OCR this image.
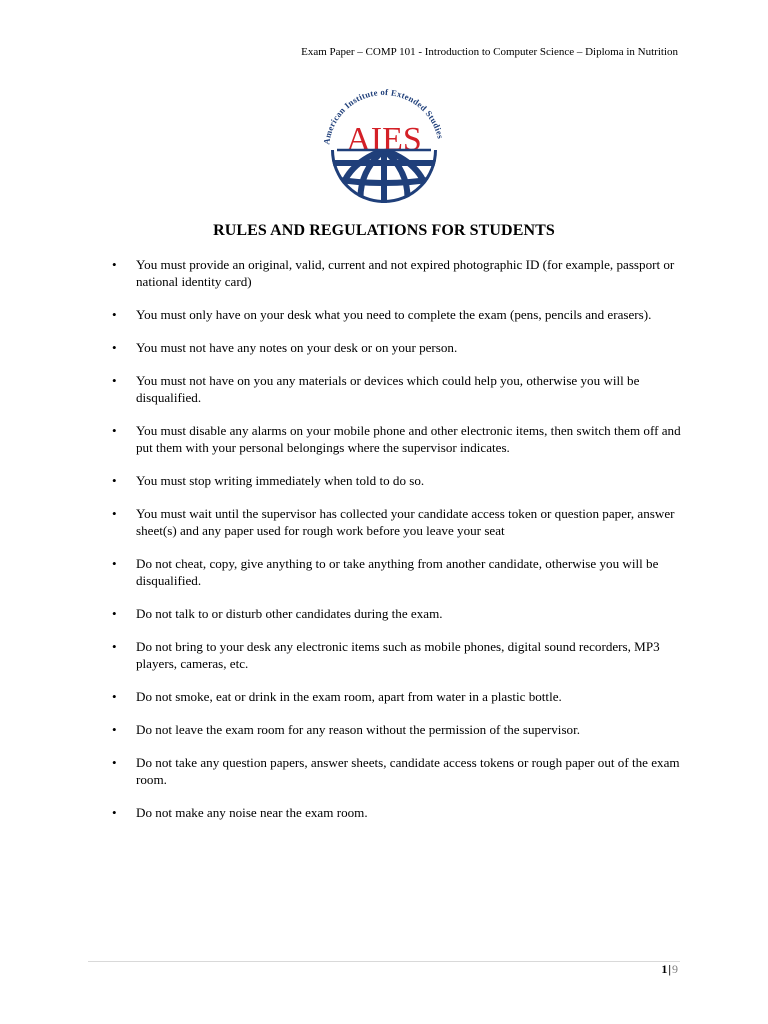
Exam Paper – COMP 101 - Introduction to Computer Science – Diploma in Nutrition
American Institute of Extended Studies
AIES
RULES AND REGULATIONS FOR STUDENTS
• You must provide an original, valid, current and not expired photographic ID (for example, passport or national identity card)
• You must only have on your desk what you need to complete the exam (pens, pencils and erasers).
• You must not have any notes on your desk or on your person.
• You must not have on you any materials or devices which could help you, otherwise you will be disqualified.
• You must disable any alarms on your mobile phone and other electronic items, then switch them off and put them with your personal belongings where the supervisor indicates.
• You must stop writing immediately when told to do so.
• You must wait until the supervisor has collected your candidate access token or question paper, answer sheet(s) and any paper used for rough work before you leave your seat
• Do not cheat, copy, give anything to or take anything from another candidate, otherwise you will be disqualified.
• Do not talk to or disturb other candidates during the exam.
• Do not bring to your desk any electronic items such as mobile phones, digital sound recorders, MP3 players, cameras, etc.
• Do not smoke, eat or drink in the exam room, apart from water in a plastic bottle.
• Do not leave the exam room for any reason without the permission of the supervisor.
• Do not take any question papers, answer sheets, candidate access tokens or rough paper out of the exam room.
• Do not make any noise near the exam room.
1|9
